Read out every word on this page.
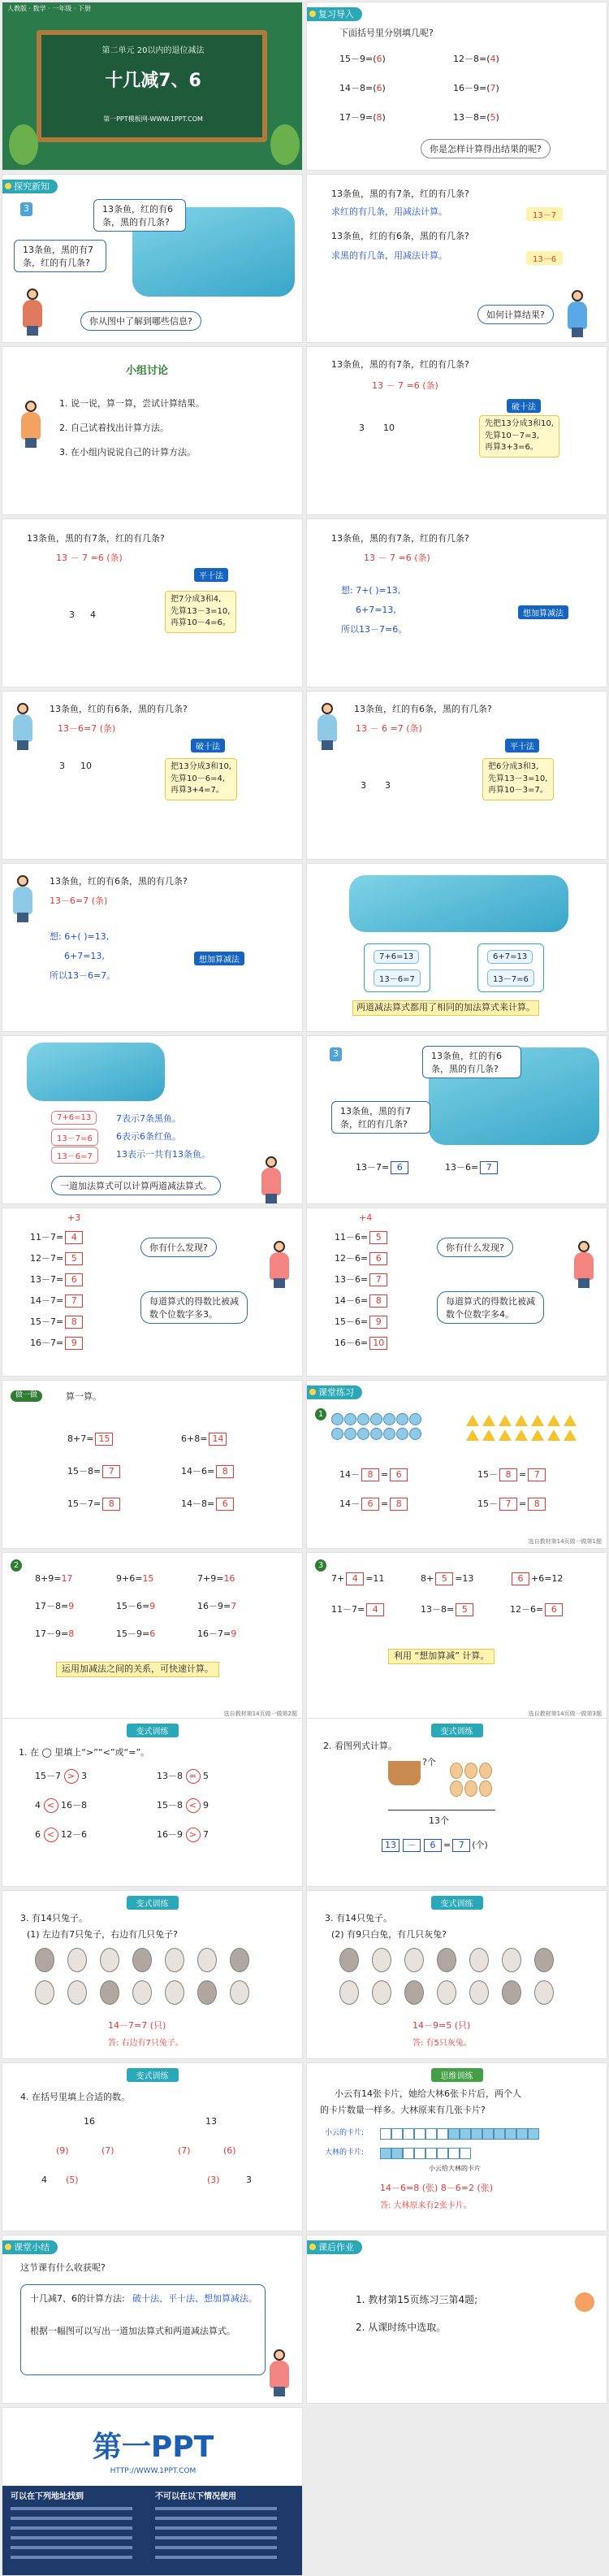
人教版 · 数学 · 一年级 · 下册
第二单元 20以内的退位减法
十几减7、6
第一PPT模板网-WWW.1PPT.COM
复习导入
下面括号里分别填几呢?
你是怎样计算得出结果的呢?
15－9=(6)	12－8=(4)
14－8=(6)	16－9=(7)
17－9=(8)	13－8=(5)
探究新知
3	13条鱼，红的有6条，黑的有几条?
13条鱼，黑的有7条，红的有几条?
你从图中了解到哪些信息?
13条鱼，黑的有7条，红的有几条?
求红的有几条，用减法计算。	13－7
13条鱼，红的有6条，黑的有几条?
求黑的有几条，用减法计算。	13－6
如何计算结果?
小组讨论
1. 说一说，算一算，尝试计算结果。
2. 自己试着找出计算方法。
3. 在小组内说说自己的计算方法。
13条鱼，黑的有7条，红的有几条?
13 － 7 =6 (条)
破十法
3 10	先把13分成3和10,
先算10－7=3,
再算3+3=6。
13条鱼，黑的有7条，红的有几条?
13 － 7 =6 (条)
平十法
3 4
把7分成3和4,
先算13－3=10,
再算10－4=6。
13条鱼，黑的有7条，红的有几条?
13 － 7 =6 (条)
想: 7+( )=13,
6+7=13,
所以13－7=6。
想加算减法
13条鱼，红的有6条，黑的有几条?
13－6=7 (条)
破十法
3 10	把13分成3和10,
先算10－6=4,
再算3+4=7。
13条鱼，红的有6条，黑的有几条?
13 － 6 =7 (条)
平十法
3 3
把6分成3和3,
先算13－3=10,
再算10－3=7。
13条鱼，红的有6条，黑的有几条?
13－6=7 (条)
想: 6+( )=13,
6+7=13,
所以13－6=7。
想加算减法	7+6=13
13－6=7
6+7=13
13－7=6
两道减法算式都用了相同的加法算式来计算。
7+6=13
13－7=6
13－6=7
7表示7条黑鱼。
6表示6条红鱼。
13表示一共有13条鱼。
一道加法算式可以计算两道减法算式。
3	13条鱼，红的有6条，黑的有几条?
13条鱼，黑的有7条，红的有几条?
13－7= 6	13－6= 7
+3
你有什么发现?
每道算式的得数比被减
数个位数字多3。
11－7= 4
12－7= 5
13－7= 6
14－7= 7
15－7= 8
16－7= 9
+4
你有什么发现?
每道算式的得数比被减
数个位数字多4。
11－6= 5
12－6= 6
13－6= 7
14－6= 8
15－6= 9
16－6= 10
做一做	算一算。
8+7= 15	6+8= 14
15－8= 7	14－6= 8
15－7= 8	14－8= 6
课堂练习
1
选自教材第14页做一做第1题
14－ 8 = 6	15－ 8 = 7
14－ 6 = 8	15－ 7 = 8
2
运用加减法之间的关系，可快速计算。
选自教材第14页做一做第2题
8+9=17	9+6=15	7+9=16
17－8=9	15－6=9	16－9=7
17－9=8	15－9=6	16－7=9
3
利用 “想加算减” 计算。
选自教材第14页做一做第3题
7+ 4 =11	8+ 5 =13	6 +6=12
11－7= 4	13－8= 5	12－6= 6
变式训练
1. 在 ◯ 里填上“>”“<”或“=”。
15－7 > 3	13－8 = 5
4 < 16－8	15－8 < 9
6 < 12－6	16－9 > 7
变式训练
2. 看图列式计算。
?个
13个
13 － 6 = 7 (个)
变式训练
3. 有14只兔子。
(1) 左边有7只兔子，右边有几只兔子?
14－7=7 (只)
答: 右边有7只兔子。
变式训练
3. 有14只兔子。
(2) 有9只白兔，有几只灰兔?
14－9=5 (只)
答: 有5只灰兔。
变式训练
4. 在括号里填上合适的数。
16
(9)	(7)
4 (5)
13
(7)	(6)
(3)	3
思维训练
小云有14张卡片，她给大林6张卡片后，两个人
的卡片数量一样多。大林原来有几张卡片?
小云的卡片:
大林的卡片:
小云给大林的卡片
14－6=8 (张) 8－6=2 (张)
答: 大林原来有2张卡片。
课堂小结
这节课有什么收获呢?
十几减7、6的计算方法: 破十法、平十法、想加算减法。
根据一幅图可以写出一道加法算式和两道减法算式。
课后作业
1. 教材第15页练习三第4题;
2. 从课时练中选取。
第一PPT
HTTP://WWW.1PPT.COM
可以在下列地址找到	不可以在以下情况使用
